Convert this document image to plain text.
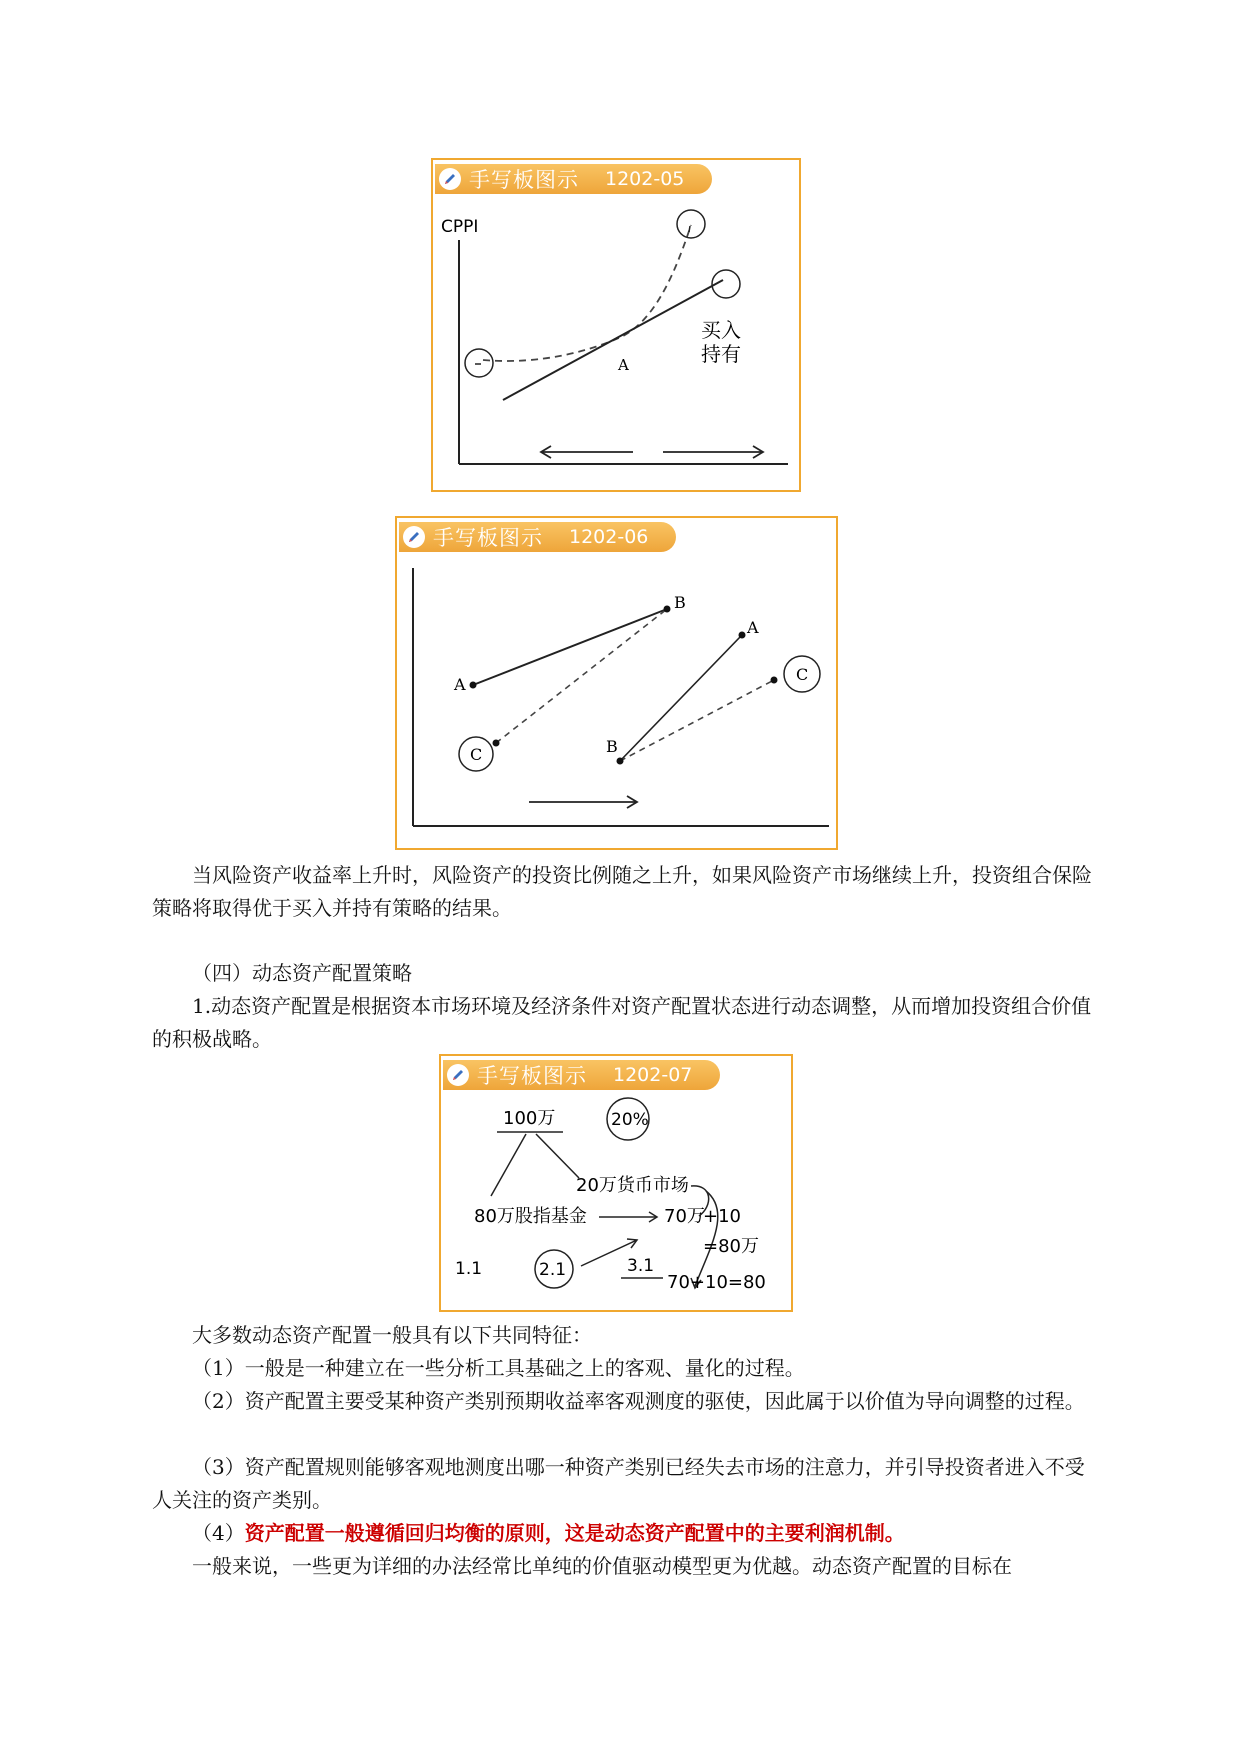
手写板图示 1202-05
CPPI
A
买入
持有
手写板图示 1202-06
A
B
C	B
A
C

当风险资产收益率上升时，风险资产的投资比例随之上升，如果风险资产市场继续上升，投资组合保险策略将取得优于买入并持有策略的结果。

（四）动态资产配置策略

1.动态资产配置是根据资本市场环境及经济条件对资产配置状态进行动态调整，从而增加投资组合价值的积极战略。

手写板图示 1202-07
100万	20%
20万货币市场
80万股指基金	70万
+10
=80万
1.1	2.1	3.1
70+10=80

大多数动态资产配置一般具有以下共同特征：

（1）一般是一种建立在一些分析工具基础之上的客观、量化的过程。

（2）资产配置主要受某种资产类别预期收益率客观测度的驱使，因此属于以价值为导向调整的过程。

（3）资产配置规则能够客观地测度出哪一种资产类别已经失去市场的注意力，并引导投资者进入不受人关注的资产类别。

（4）资产配置一般遵循回归均衡的原则，这是动态资产配置中的主要利润机制。

一般来说，一些更为详细的办法经常比单纯的价值驱动模型更为优越。动态资产配置的目标在
